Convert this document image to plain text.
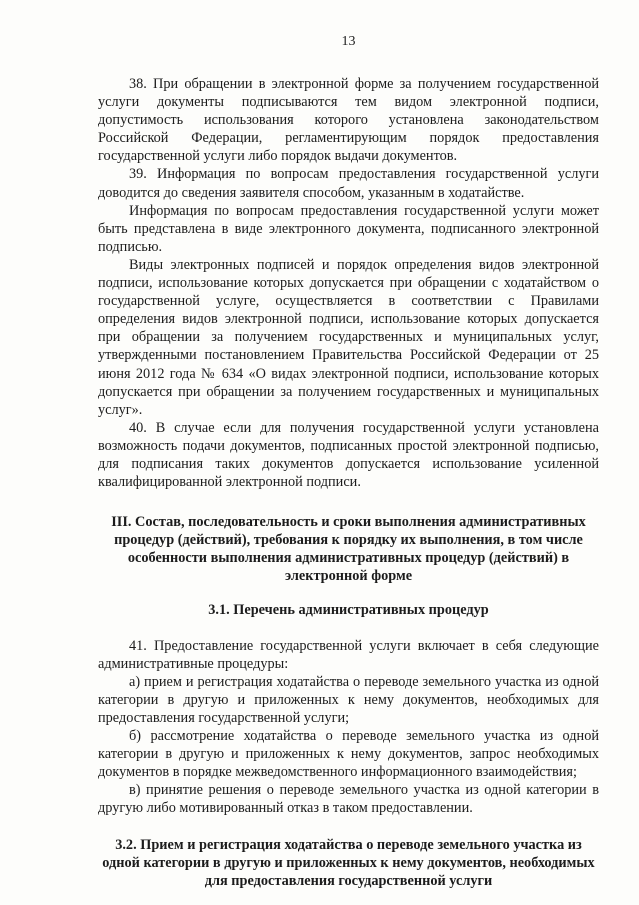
13

38. При обращении в электронной форме за получением государственной услуги документы подписываются тем видом электронной подписи, допустимость использования которого установлена законодательством Российской Федерации, регламентирующим порядок предоставления государственной услуги либо порядок выдачи документов.

39. Информация по вопросам предоставления государственной услуги доводится до сведения заявителя способом, указанным в ходатайстве.

Информация по вопросам предоставления государственной услуги может быть представлена в виде электронного документа, подписанного электронной подписью.

Виды электронных подписей и порядок определения видов электронной подписи, использование которых допускается при обращении с ходатайством о государственной услуге, осуществляется в соответствии с Правилами определения видов электронной подписи, использование которых допускается при обращении за получением государственных и муниципальных услуг, утвержденными постановлением Правительства Российской Федерации от 25 июня 2012 года № 634 «О видах электронной подписи, использование которых допускается при обращении за получением государственных и муниципальных услуг».

40. В случае если для получения государственной услуги установлена возможность подачи документов, подписанных простой электронной подписью, для подписания таких документов допускается использование усиленной квалифицированной электронной подписи.

III. Состав, последовательность и сроки выполнения административных процедур (действий), требования к порядку их выполнения, в том числе особенности выполнения административных процедур (действий) в электронной форме

3.1. Перечень административных процедур

41. Предоставление государственной услуги включает в себя следующие административные процедуры:

а) прием и регистрация ходатайства о переводе земельного участка из одной категории в другую и приложенных к нему документов, необходимых для предоставления государственной услуги;

б) рассмотрение ходатайства о переводе земельного участка из одной категории в другую и приложенных к нему документов, запрос необходимых документов в порядке межведомственного информационного взаимодействия;

в) принятие решения о переводе земельного участка из одной категории в другую либо мотивированный отказ в таком предоставлении.

3.2. Прием и регистрация ходатайства о переводе земельного участка из одной категории в другую и приложенных к нему документов, необходимых для предоставления государственной услуги
